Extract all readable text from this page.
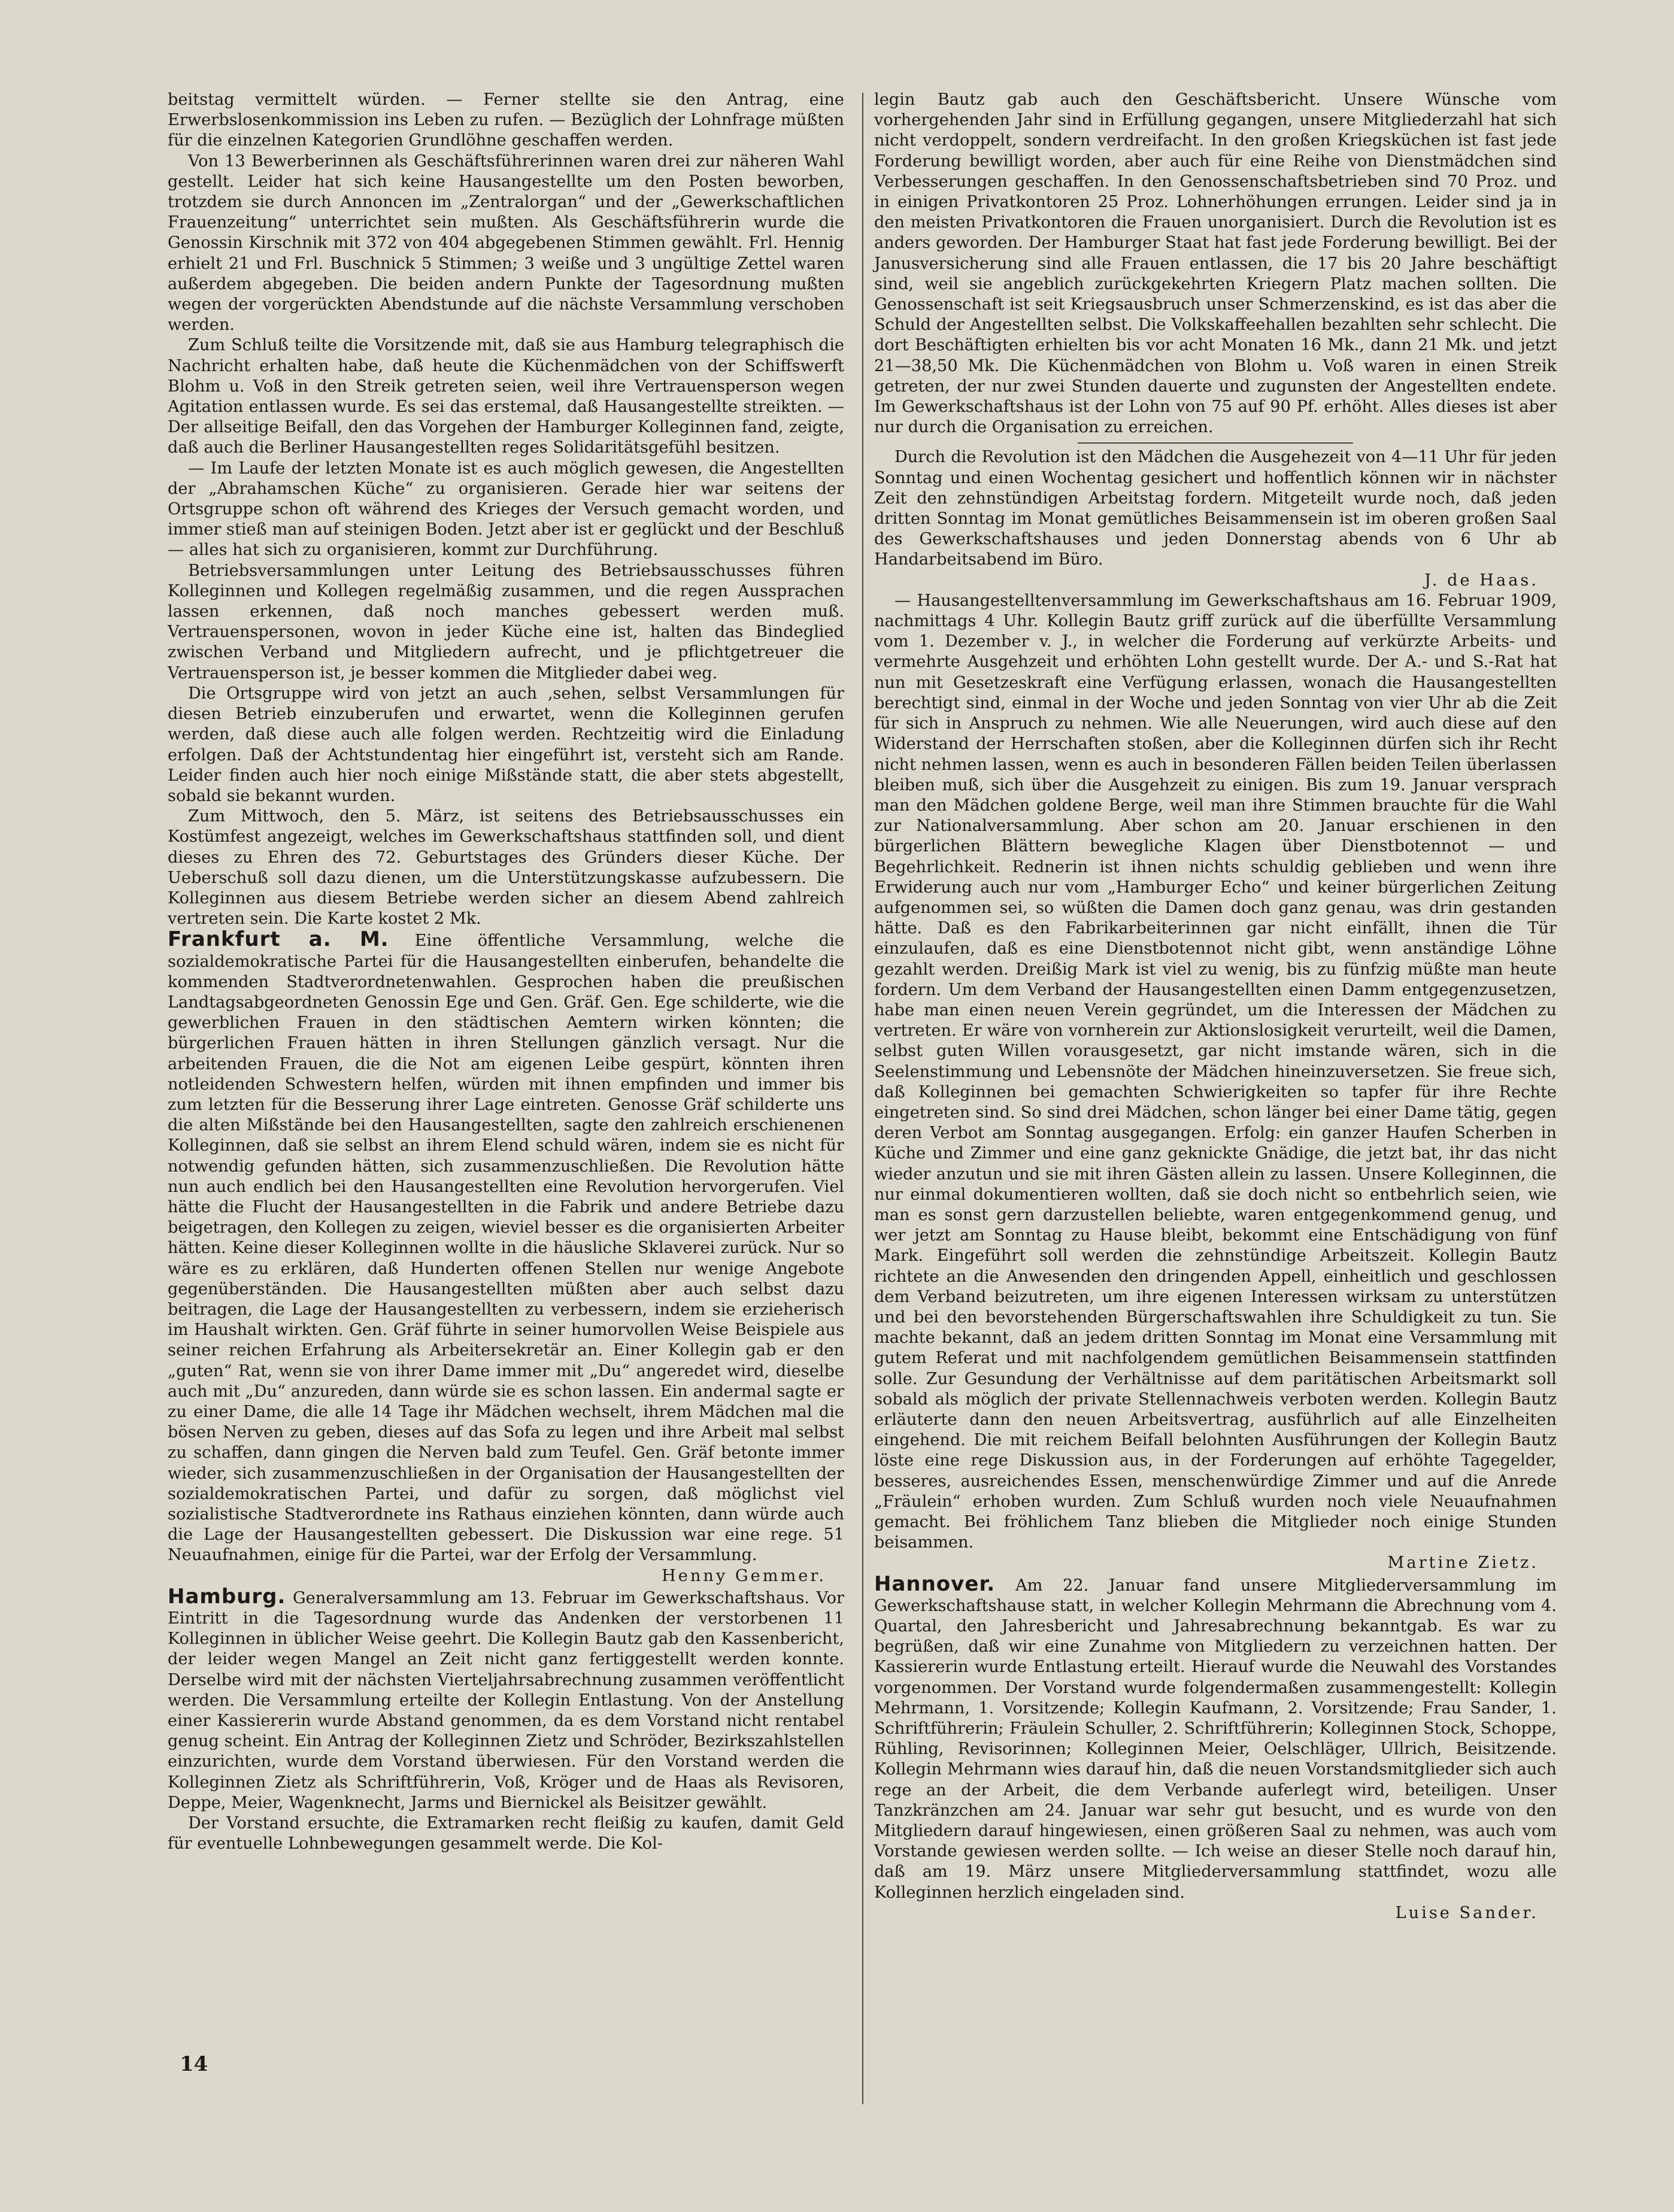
beitstag vermittelt würden. — Ferner stellte sie den Antrag, eine Erwerbslosenkommission ins Leben zu rufen. — Bezüglich der Lohnfrage müßten für die einzelnen Kategorien Grundlöhne geschaffen werden.

Von 13 Bewerberinnen als Geschäftsführerinnen waren drei zur näheren Wahl gestellt. Leider hat sich keine Hausangestellte um den Posten beworben, trotzdem sie durch Annoncen im „Zentralorgan“ und der „Gewerkschaftlichen Frauenzeitung“ unterrichtet sein mußten. Als Geschäftsführerin wurde die Genossin Kirschnik mit 372 von 404 abgegebenen Stimmen gewählt. Frl. Hennig erhielt 21 und Frl. Buschnick 5 Stimmen; 3 weiße und 3 ungültige Zettel waren außerdem abgegeben. Die beiden andern Punkte der Tagesordnung mußten wegen der vorgerückten Abendstunde auf die nächste Versammlung verschoben werden.

Zum Schluß teilte die Vorsitzende mit, daß sie aus Hamburg telegraphisch die Nachricht erhalten habe, daß heute die Küchenmädchen von der Schiffswerft Blohm u. Voß in den Streik getreten seien, weil ihre Vertrauensperson wegen Agitation entlassen wurde. Es sei das erstemal, daß Hausangestellte streikten. — Der allseitige Beifall, den das Vorgehen der Hamburger Kolleginnen fand, zeigte, daß auch die Berliner Hausangestellten reges Solidaritätsgefühl besitzen.

— Im Laufe der letzten Monate ist es auch möglich gewesen, die Angestellten der „Abrahamschen Küche“ zu organisieren. Gerade hier war seitens der Ortsgruppe schon oft während des Krieges der Versuch gemacht worden, und immer stieß man auf steinigen Boden. Jetzt aber ist er geglückt und der Beschluß — alles hat sich zu organisieren, kommt zur Durchführung.

Betriebsversammlungen unter Leitung des Betriebsausschusses führen Kolleginnen und Kollegen regelmäßig zusammen, und die regen Aussprachen lassen erkennen, daß noch manches gebessert werden muß. Vertrauenspersonen, wovon in jeder Küche eine ist, halten das Bindeglied zwischen Verband und Mitgliedern aufrecht, und je pflichtgetreuer die Vertrauensperson ist, je besser kommen die Mitglieder dabei weg.

Die Ortsgruppe wird von jetzt an auch ‚sehen, selbst Versammlungen für diesen Betrieb einzuberufen und erwartet, wenn die Kolleginnen gerufen werden, daß diese auch alle folgen werden. Rechtzeitig wird die Einladung erfolgen. Daß der Achtstundentag hier eingeführt ist, versteht sich am Rande. Leider finden auch hier noch einige Mißstände statt, die aber stets abgestellt, sobald sie bekannt wurden.

Zum Mittwoch, den 5. März, ist seitens des Betriebsausschusses ein Kostümfest angezeigt, welches im Gewerkschaftshaus stattfinden soll, und dient dieses zu Ehren des 72. Geburtstages des Gründers dieser Küche. Der Ueberschuß soll dazu dienen, um die Unterstützungskasse aufzubessern. Die Kolleginnen aus diesem Betriebe werden sicher an diesem Abend zahlreich vertreten sein. Die Karte kostet 2 Mk.

Frankfurt a. M. Eine öffentliche Versammlung, welche die sozialdemokratische Partei für die Hausangestellten einberufen, behandelte die kommenden Stadtverordnetenwahlen. Gesprochen haben die preußischen Landtagsabgeordneten Genossin Ege und Gen. Gräf. Gen. Ege schilderte, wie die gewerblichen Frauen in den städtischen Aemtern wirken könnten; die bürgerlichen Frauen hätten in ihren Stellungen gänzlich versagt. Nur die arbeitenden Frauen, die die Not am eigenen Leibe gespürt, könnten ihren notleidenden Schwestern helfen, würden mit ihnen empfinden und immer bis zum letzten für die Besserung ihrer Lage eintreten. Genosse Gräf schilderte uns die alten Mißstände bei den Hausangestellten, sagte den zahlreich erschienenen Kolleginnen, daß sie selbst an ihrem Elend schuld wären, indem sie es nicht für notwendig gefunden hätten, sich zusammenzuschließen. Die Revolution hätte nun auch endlich bei den Hausangestellten eine Revolution hervorgerufen. Viel hätte die Flucht der Hausangestellten in die Fabrik und andere Betriebe dazu beigetragen, den Kollegen zu zeigen, wieviel besser es die organisierten Arbeiter hätten. Keine dieser Kolleginnen wollte in die häusliche Sklaverei zurück. Nur so wäre es zu erklären, daß Hunderten offenen Stellen nur wenige Angebote gegenüberständen. Die Hausangestellten müßten aber auch selbst dazu beitragen, die Lage der Hausangestellten zu verbessern, indem sie erzieherisch im Haushalt wirkten. Gen. Gräf führte in seiner humorvollen Weise Beispiele aus seiner reichen Erfahrung als Arbeitersekretär an. Einer Kollegin gab er den „guten“ Rat, wenn sie von ihrer Dame immer mit „Du“ angeredet wird, dieselbe auch mit „Du“ anzureden, dann würde sie es schon lassen. Ein andermal sagte er zu einer Dame, die alle 14 Tage ihr Mädchen wechselt, ihrem Mädchen mal die bösen Nerven zu geben, dieses auf das Sofa zu legen und ihre Arbeit mal selbst zu schaffen, dann gingen die Nerven bald zum Teufel. Gen. Gräf betonte immer wieder, sich zusammenzuschließen in der Organisation der Hausangestellten der sozialdemokratischen Partei, und dafür zu sorgen, daß möglichst viel sozialistische Stadtverordnete ins Rathaus einziehen könnten, dann würde auch die Lage der Hausangestellten gebessert. Die Diskussion war eine rege. 51 Neuaufnahmen, einige für die Partei, war der Erfolg der Versammlung.

Henny Gemmer.

Hamburg. Generalversammlung am 13. Februar im Gewerkschaftshaus. Vor Eintritt in die Tagesordnung wurde das Andenken der verstorbenen 11 Kolleginnen in üblicher Weise geehrt. Die Kollegin Bautz gab den Kassenbericht, der leider wegen Mangel an Zeit nicht ganz fertiggestellt werden konnte. Derselbe wird mit der nächsten Vierteljahrsabrechnung zusammen veröffentlicht werden. Die Versammlung erteilte der Kollegin Entlastung. Von der Anstellung einer Kassiererin wurde Abstand genommen, da es dem Vorstand nicht rentabel genug scheint. Ein Antrag der Kolleginnen Zietz und Schröder, Bezirkszahlstellen einzurichten, wurde dem Vorstand überwiesen. Für den Vorstand werden die Kolleginnen Zietz als Schriftführerin, Voß, Kröger und de Haas als Revisoren, Deppe, Meier, Wagenknecht, Jarms und Biernickel als Beisitzer gewählt.

Der Vorstand ersuchte, die Extramarken recht fleißig zu kaufen, damit Geld für eventuelle Lohnbewegungen gesammelt werde. Die Kol-

legin Bautz gab auch den Geschäftsbericht. Unsere Wünsche vom vorhergehenden Jahr sind in Erfüllung gegangen, unsere Mitgliederzahl hat sich nicht verdoppelt, sondern verdreifacht. In den großen Kriegsküchen ist fast jede Forderung bewilligt worden, aber auch für eine Reihe von Dienstmädchen sind Verbesserungen geschaffen. In den Genossenschaftsbetrieben sind 70 Proz. und in einigen Privatkontoren 25 Proz. Lohnerhöhungen errungen. Leider sind ja in den meisten Privatkontoren die Frauen unorganisiert. Durch die Revolution ist es anders geworden. Der Hamburger Staat hat fast jede Forderung bewilligt. Bei der Janusversicherung sind alle Frauen entlassen, die 17 bis 20 Jahre beschäftigt sind, weil sie angeblich zurückgekehrten Kriegern Platz machen sollten. Die Genossenschaft ist seit Kriegsausbruch unser Schmerzenskind, es ist das aber die Schuld der Angestellten selbst. Die Volkskaffeehallen bezahlten sehr schlecht. Die dort Beschäftigten erhielten bis vor acht Monaten 16 Mk., dann 21 Mk. und jetzt 21—38,50 Mk. Die Küchenmädchen von Blohm u. Voß waren in einen Streik getreten, der nur zwei Stunden dauerte und zugunsten der Angestellten endete. Im Gewerkschaftshaus ist der Lohn von 75 auf 90 Pf. erhöht. Alles dieses ist aber nur durch die Organisation zu erreichen.

Durch die Revolution ist den Mädchen die Ausgehezeit von 4—11 Uhr für jeden Sonntag und einen Wochentag gesichert und hoffentlich können wir in nächster Zeit den zehnstündigen Arbeitstag fordern. Mitgeteilt wurde noch, daß jeden dritten Sonntag im Monat gemütliches Beisammensein ist im oberen großen Saal des Gewerkschaftshauses und jeden Donnerstag abends von 6 Uhr ab Handarbeitsabend im Büro.

J. de Haas.

— Hausangestelltenversammlung im Gewerkschaftshaus am 16. Februar 1909, nachmittags 4 Uhr. Kollegin Bautz griff zurück auf die überfüllte Versammlung vom 1. Dezember v. J., in welcher die Forderung auf verkürzte Arbeits- und vermehrte Ausgehzeit und erhöhten Lohn gestellt wurde. Der A.- und S.-Rat hat nun mit Gesetzeskraft eine Verfügung erlassen, wonach die Hausangestellten berechtigt sind, einmal in der Woche und jeden Sonntag von vier Uhr ab die Zeit für sich in Anspruch zu nehmen. Wie alle Neuerungen, wird auch diese auf den Widerstand der Herrschaften stoßen, aber die Kolleginnen dürfen sich ihr Recht nicht nehmen lassen, wenn es auch in besonderen Fällen beiden Teilen überlassen bleiben muß, sich über die Ausgehzeit zu einigen. Bis zum 19. Januar versprach man den Mädchen goldene Berge, weil man ihre Stimmen brauchte für die Wahl zur Nationalversammlung. Aber schon am 20. Januar erschienen in den bürgerlichen Blättern bewegliche Klagen über Dienstbotennot — und Begehrlichkeit. Rednerin ist ihnen nichts schuldig geblieben und wenn ihre Erwiderung auch nur vom „Hamburger Echo“ und keiner bürgerlichen Zeitung aufgenommen sei, so wüßten die Damen doch ganz genau, was drin gestanden hätte. Daß es den Fabrikarbeiterinnen gar nicht einfällt, ihnen die Tür einzulaufen, daß es eine Dienstbotennot nicht gibt, wenn anständige Löhne gezahlt werden. Dreißig Mark ist viel zu wenig, bis zu fünfzig müßte man heute fordern. Um dem Verband der Hausangestellten einen Damm entgegenzusetzen, habe man einen neuen Verein gegründet, um die Interessen der Mädchen zu vertreten. Er wäre von vornherein zur Aktionslosigkeit verurteilt, weil die Damen, selbst guten Willen vorausgesetzt, gar nicht imstande wären, sich in die Seelenstimmung und Lebensnöte der Mädchen hineinzuversetzen. Sie freue sich, daß Kolleginnen bei gemachten Schwierigkeiten so tapfer für ihre Rechte eingetreten sind. So sind drei Mädchen, schon länger bei einer Dame tätig, gegen deren Verbot am Sonntag ausgegangen. Erfolg: ein ganzer Haufen Scherben in Küche und Zimmer und eine ganz geknickte Gnädige, die jetzt bat, ihr das nicht wieder anzutun und sie mit ihren Gästen allein zu lassen. Unsere Kolleginnen, die nur einmal dokumentieren wollten, daß sie doch nicht so entbehrlich seien, wie man es sonst gern darzustellen beliebte, waren entgegenkommend genug, und wer jetzt am Sonntag zu Hause bleibt, bekommt eine Entschädigung von fünf Mark. Eingeführt soll werden die zehnstündige Arbeitszeit. Kollegin Bautz richtete an die Anwesenden den dringenden Appell, einheitlich und geschlossen dem Verband beizutreten, um ihre eigenen Interessen wirksam zu unterstützen und bei den bevorstehenden Bürgerschaftswahlen ihre Schuldigkeit zu tun. Sie machte bekannt, daß an jedem dritten Sonntag im Monat eine Versammlung mit gutem Referat und mit nachfolgendem gemütlichen Beisammensein stattfinden solle. Zur Gesundung der Verhältnisse auf dem paritätischen Arbeitsmarkt soll sobald als möglich der private Stellennachweis verboten werden. Kollegin Bautz erläuterte dann den neuen Arbeitsvertrag, ausführlich auf alle Einzelheiten eingehend. Die mit reichem Beifall belohnten Ausführungen der Kollegin Bautz löste eine rege Diskussion aus, in der Forderungen auf erhöhte Tagegelder, besseres, ausreichendes Essen, menschenwürdige Zimmer und auf die Anrede „Fräulein“ erhoben wurden. Zum Schluß wurden noch viele Neuaufnahmen gemacht. Bei fröhlichem Tanz blieben die Mitglieder noch einige Stunden beisammen.

Martine Zietz.

Hannover. Am 22. Januar fand unsere Mitgliederversammlung im Gewerkschaftshause statt, in welcher Kollegin Mehrmann die Abrechnung vom 4. Quartal, den Jahresbericht und Jahresabrechnung bekanntgab. Es war zu begrüßen, daß wir eine Zunahme von Mitgliedern zu verzeichnen hatten. Der Kassiererin wurde Entlastung erteilt. Hierauf wurde die Neuwahl des Vorstandes vorgenommen. Der Vorstand wurde folgendermaßen zusammengestellt: Kollegin Mehrmann, 1. Vorsitzende; Kollegin Kaufmann, 2. Vorsitzende; Frau Sander, 1. Schriftführerin; Fräulein Schuller, 2. Schriftführerin; Kolleginnen Stock, Schoppe, Rühling, Revisorinnen; Kolleginnen Meier, Oelschläger, Ullrich, Beisitzende. Kollegin Mehrmann wies darauf hin, daß die neuen Vorstandsmitglieder sich auch rege an der Arbeit, die dem Verbande auferlegt wird, beteiligen. Unser Tanzkränzchen am 24. Januar war sehr gut besucht, und es wurde von den Mitgliedern darauf hingewiesen, einen größeren Saal zu nehmen, was auch vom Vorstande gewiesen werden sollte. — Ich weise an dieser Stelle noch darauf hin, daß am 19. März unsere Mitgliederversammlung stattfindet, wozu alle Kolleginnen herzlich eingeladen sind.

Luise Sander.

14
